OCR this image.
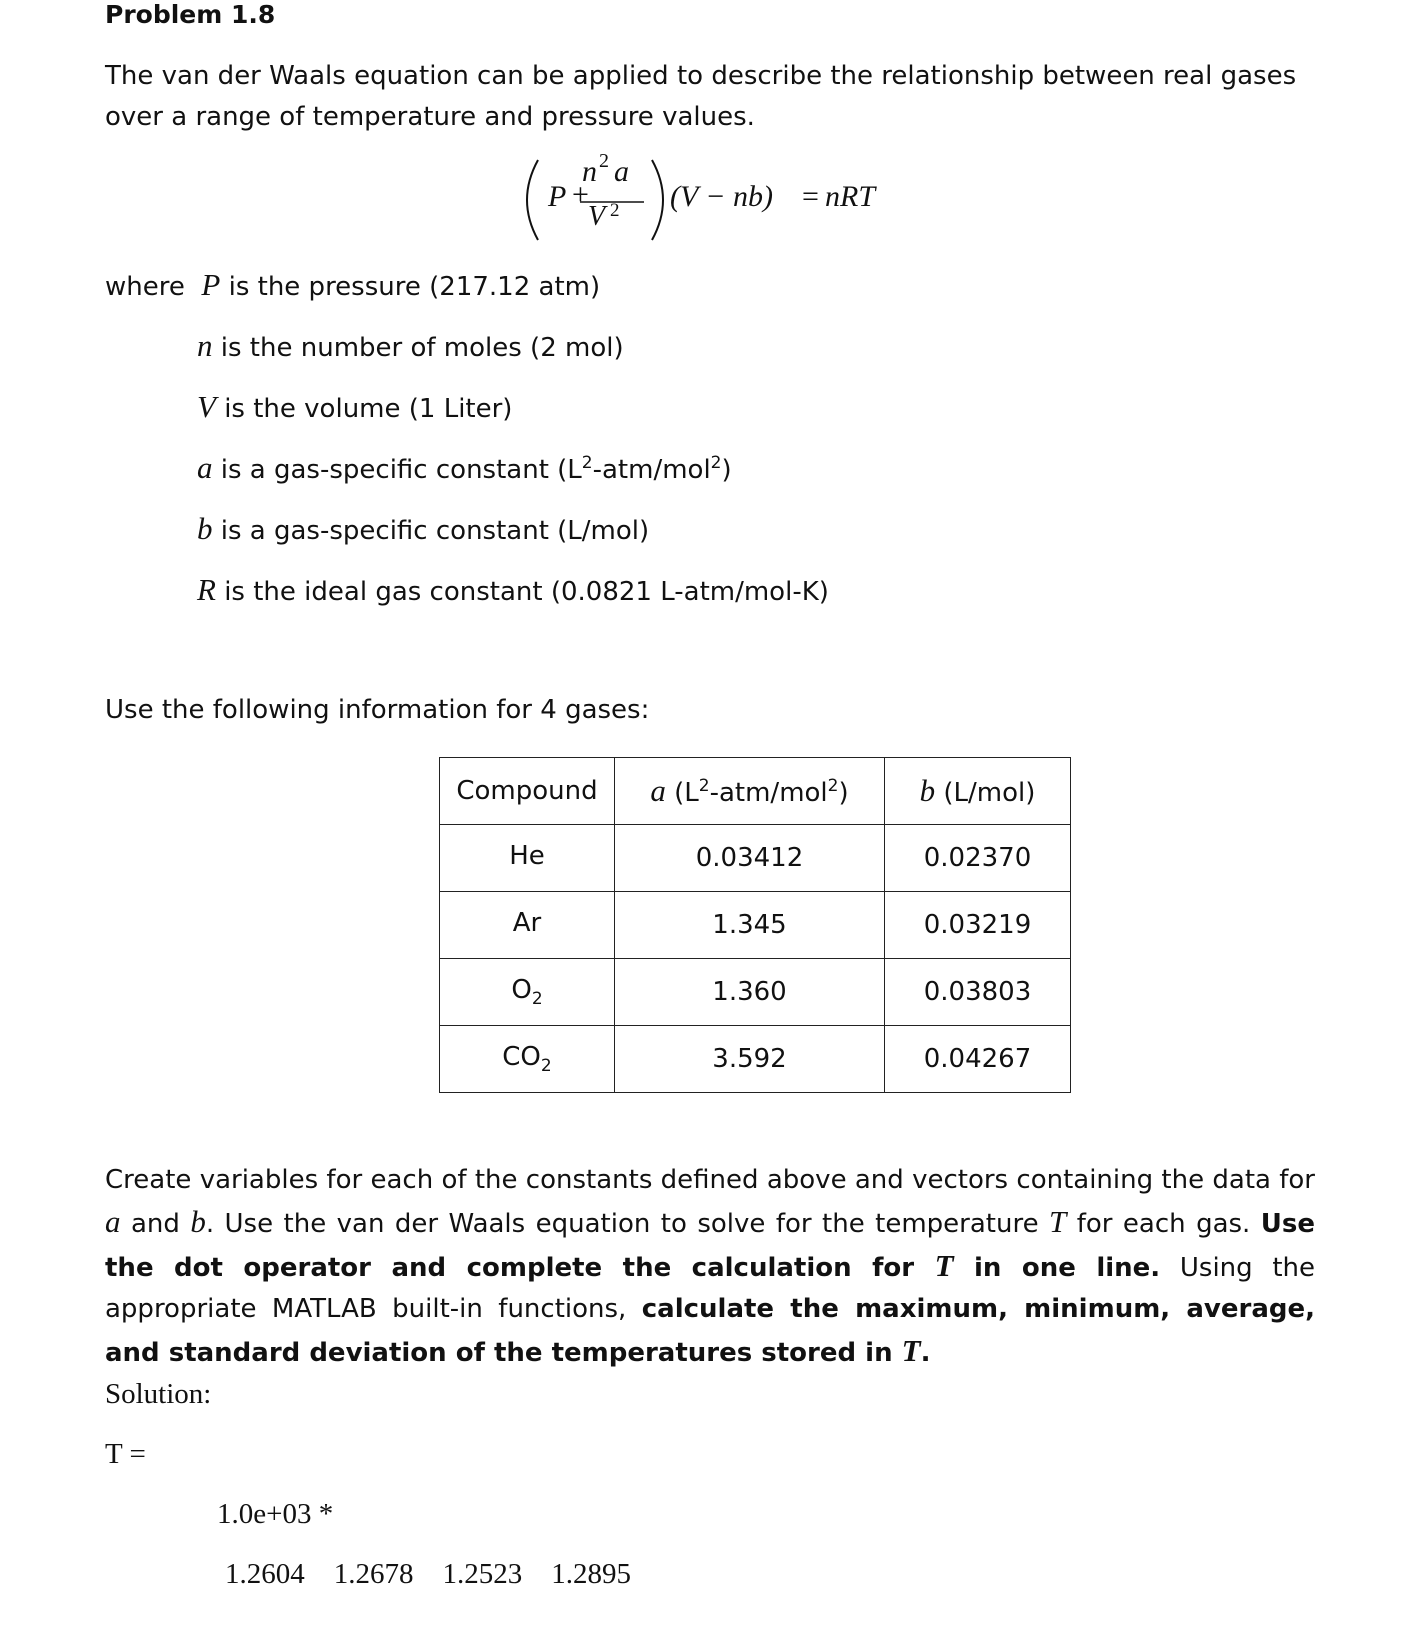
Problem 1.8
The van der Waals equation can be applied to describe the relationship between real gases over a range of temperature and pressure values.
P +
n 2 a
V 2 (V − nb) = nRT
where P is the pressure (217.12 atm)
n is the number of moles (2 mol)
V is the volume (1 Liter)
a is a gas-specific constant $(L^2-atm/mol^2)$
b is a gas-specific constant (L/mol)
R is the ideal gas constant (0.0821 L-atm/mol-K)
Use the following information for 4 gases:
Compound	a $(L^2-atm/mol^2)$	b (L/mol)
He	0.03412	0.02370
Ar	1.345	0.03219
$O_2$	1.360	0.03803
$CO_2$	3.592	0.04267
Create variables for each of the constants defined above and vectors containing the data for a and b. Use the van der Waals equation to solve for the temperature T for each gas. Use the dot operator and complete the calculation for T in one line. Using the appropriate MATLAB built-in functions, calculate the maximum, minimum, average, and standard deviation of the temperatures stored in T.
Solution:
T =
1.0e+03 *
1.2604 1.2678 1.2523 1.2895
